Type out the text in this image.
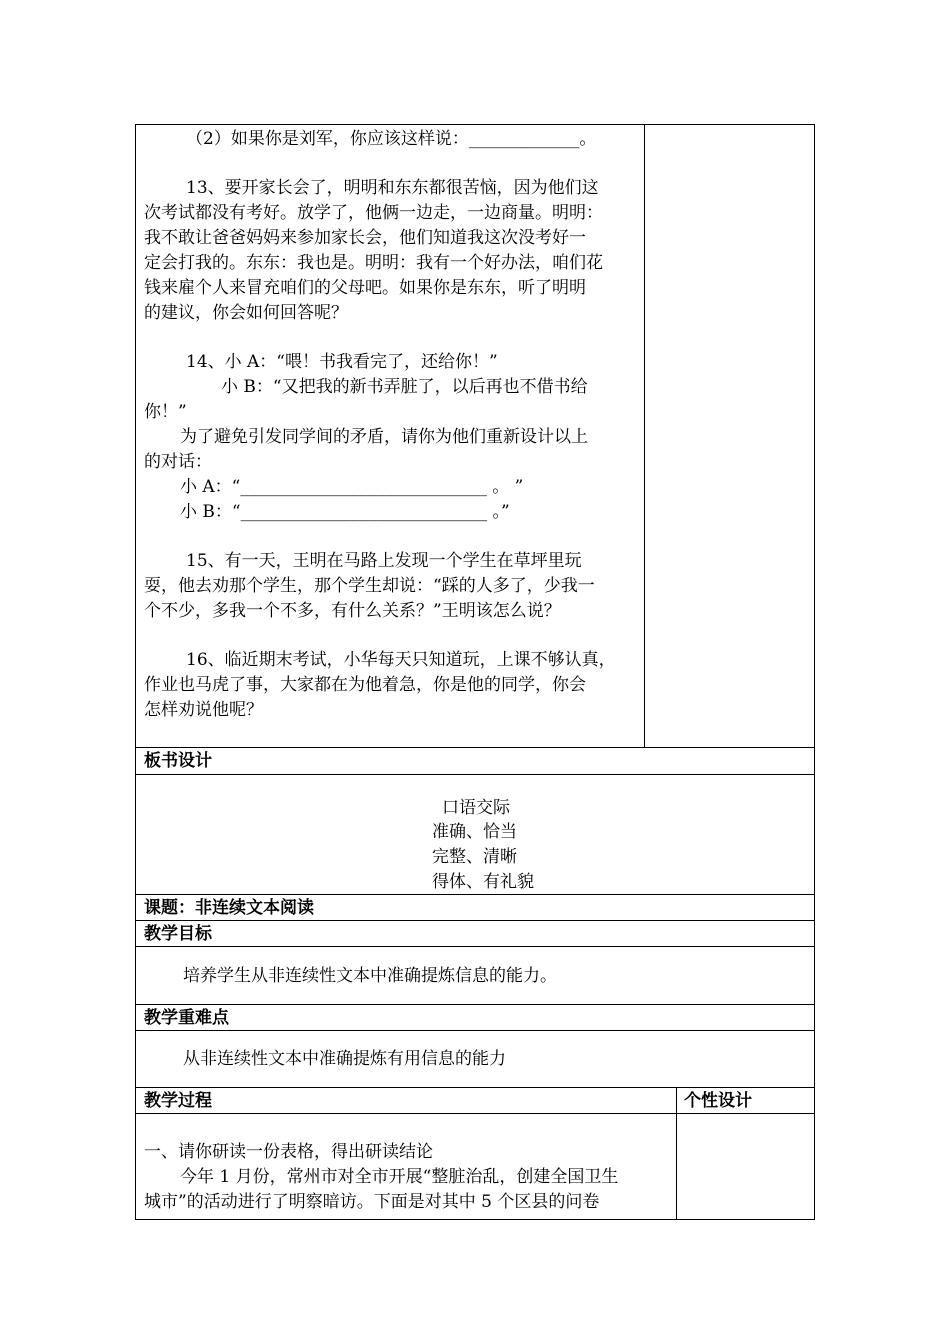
（2）如果你是刘军，你应该这样说：_____________。
13、要开家长会了，明明和东东都很苦恼，因为他们这
次考试都没有考好。放学了，他俩一边走，一边商量。明明：
我不敢让爸爸妈妈来参加家长会，他们知道我这次没考好一
定会打我的。东东：我也是。明明：我有一个好办法，咱们花
钱来雇个人来冒充咱们的父母吧。如果你是东东，听了明明
的建议，你会如何回答呢？
14、小 A：“喂！书我看完了，还给你！”
小 B：“又把我的新书弄脏了，以后再也不借书给
你！”
为了避免引发同学间的矛盾，请你为他们重新设计以上
的对话：
小 A：“_____________________________ 。 ”
小 B：“_____________________________ 。”
15、有一天，王明在马路上发现一个学生在草坪里玩
耍，他去劝那个学生，那个学生却说：“踩的人多了，少我一
个不少，多我一个不多，有什么关系？”王明该怎么说？
16、临近期末考试，小华每天只知道玩，上课不够认真，
作业也马虎了事，大家都在为他着急，你是他的同学，你会
怎样劝说他呢？
板书设计
口语交际
准确、恰当
完整、清晰
得体、有礼貌
课题：非连续文本阅读
教学目标
培养学生从非连续性文本中准确提炼信息的能力。
教学重难点
从非连续性文本中准确提炼有用信息的能力
教学过程	个性设计
一、请你研读一份表格，得出研读结论
今年 1 月份，常州市对全市开展“整脏治乱，创建全国卫生
城市”的活动进行了明察暗访。下面是对其中 5 个区县的问卷
